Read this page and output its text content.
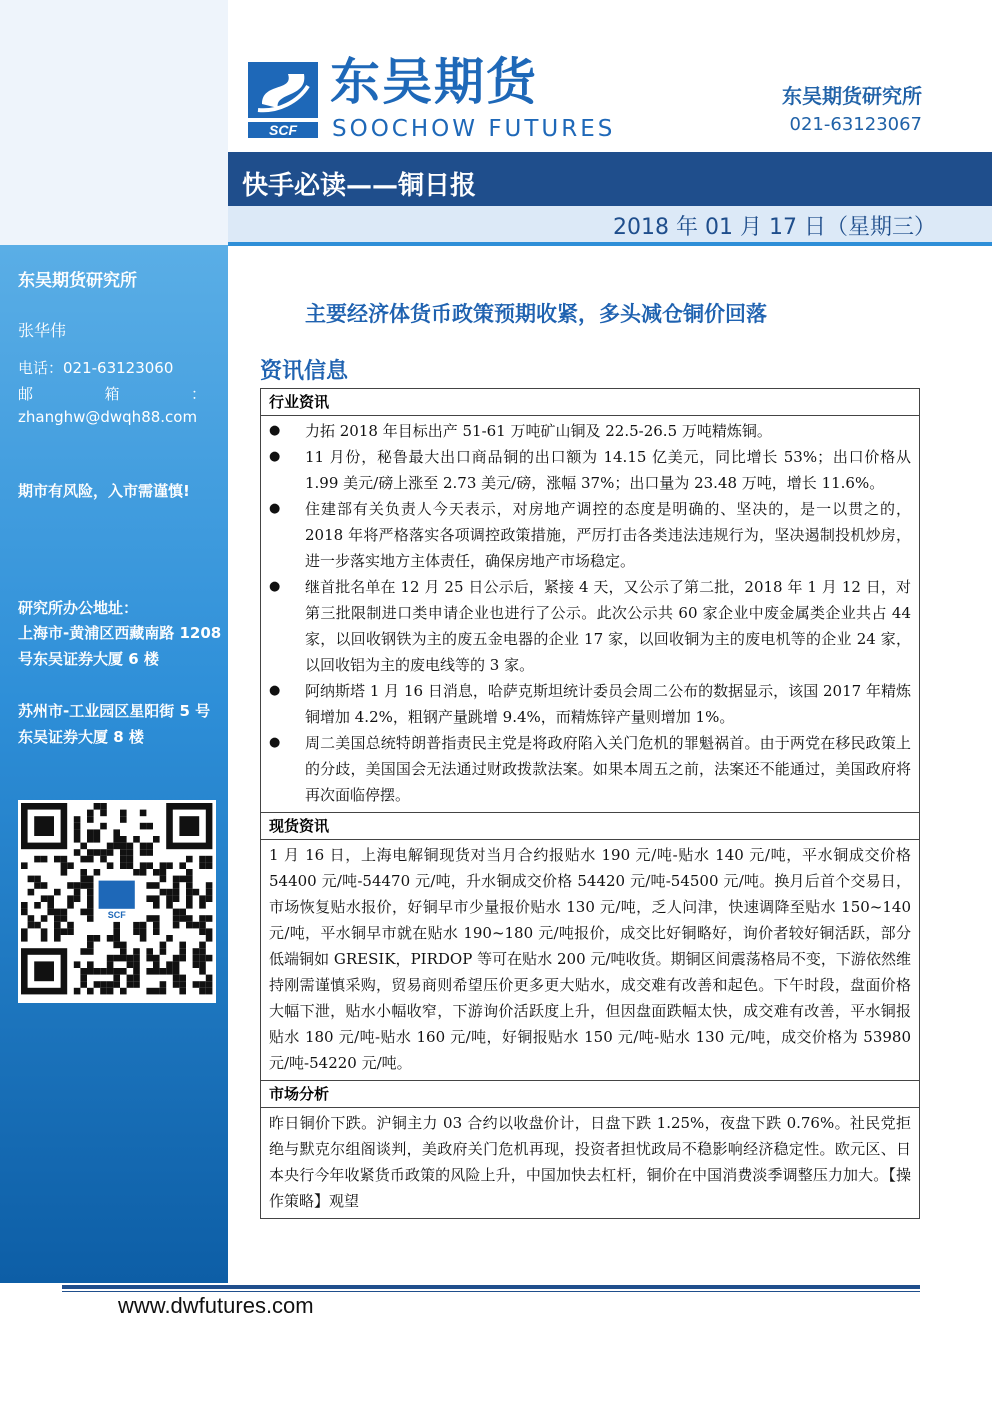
东吴期货研究所
张华伟
电话：021-63123060
邮	箱	：
zhanghw@dwqh88.com
期市有风险，入市需谨慎!
研究所办公地址：
上海市-黄浦区西藏南路 1208 号东吴证券大厦 6 楼
苏州市-工业园区星阳街 5 号东吴证券大厦 8 楼
SCF
SCF
东吴期货
SOOCHOW FUTURES
东吴期货研究所
021-63123067
快手必读——铜日报
2018 年 01 月 17 日（星期三）
主要经济体货币政策预期收紧，多头减仓铜价回落
资讯信息
行业资讯
●	力拓 2018 年目标出产 51-61 万吨矿山铜及 22.5-26.5 万吨精炼铜。
●	11 月份，秘鲁最大出口商品铜的出口额为 14.15 亿美元，同比增长 53%；出口价格从 1.99 美元/磅上涨至 2.73 美元/磅，涨幅 37%；出口量为 23.48 万吨，增长 11.6%。
●	住建部有关负责人今天表示，对房地产调控的态度是明确的、坚决的，是一以贯之的，2018 年将严格落实各项调控政策措施，严厉打击各类违法违规行为，坚决遏制投机炒房，进一步落实地方主体责任，确保房地产市场稳定。
●	继首批名单在 12 月 25 日公示后，紧接 4 天，又公示了第二批，2018 年 1 月 12 日，对第三批限制进口类申请企业也进行了公示。此次公示共 60 家企业中废金属类企业共占 44 家，以回收钢铁为主的废五金电器的企业 17 家，以回收铜为主的废电机等的企业 24 家，以回收铝为主的废电线等的 3 家。
●	阿纳斯塔 1 月 16 日消息，哈萨克斯坦统计委员会周二公布的数据显示，该国 2017 年精炼铜增加 4.2%，粗钢产量跳增 9.4%，而精炼锌产量则增加 1%。
●	周二美国总统特朗普指责民主党是将政府陷入关门危机的罪魁祸首。由于两党在移民政策上的分歧，美国国会无法通过财政拨款法案。如果本周五之前，法案还不能通过，美国政府将再次面临停摆。
现货资讯
1 月 16 日，上海电解铜现货对当月合约报贴水 190 元/吨-贴水 140 元/吨，平水铜成交价格 54400 元/吨-54470 元/吨，升水铜成交价格 54420 元/吨-54500 元/吨。换月后首个交易日，市场恢复贴水报价，好铜早市少量报价贴水 130 元/吨，乏人问津，快速调降至贴水 150~140 元/吨，平水铜早市就在贴水 190~180 元/吨报价，成交比好铜略好，询价者较好铜活跃，部分低端铜如 GRESIK，PIRDOP 等可在贴水 200 元/吨收货。期铜区间震荡格局不变，下游依然维持刚需谨慎采购，贸易商则希望压价更多更大贴水，成交难有改善和起色。下午时段，盘面价格大幅下泄，贴水小幅收窄，下游询价活跃度上升，但因盘面跌幅太快，成交难有改善，平水铜报贴水 180 元/吨-贴水 160 元/吨，好铜报贴水 150 元/吨-贴水 130 元/吨，成交价格为 53980 元/吨-54220 元/吨。
市场分析
昨日铜价下跌。沪铜主力 03 合约以收盘价计，日盘下跌 1.25%，夜盘下跌 0.76%。社民党拒绝与默克尔组阁谈判，美政府关门危机再现，投资者担忧政局不稳影响经济稳定性。欧元区、日本央行今年收紧货币政策的风险上升，中国加快去杠杆，铜价在中国消费淡季调整压力加大。【操作策略】观望
www.dwfutures.com
